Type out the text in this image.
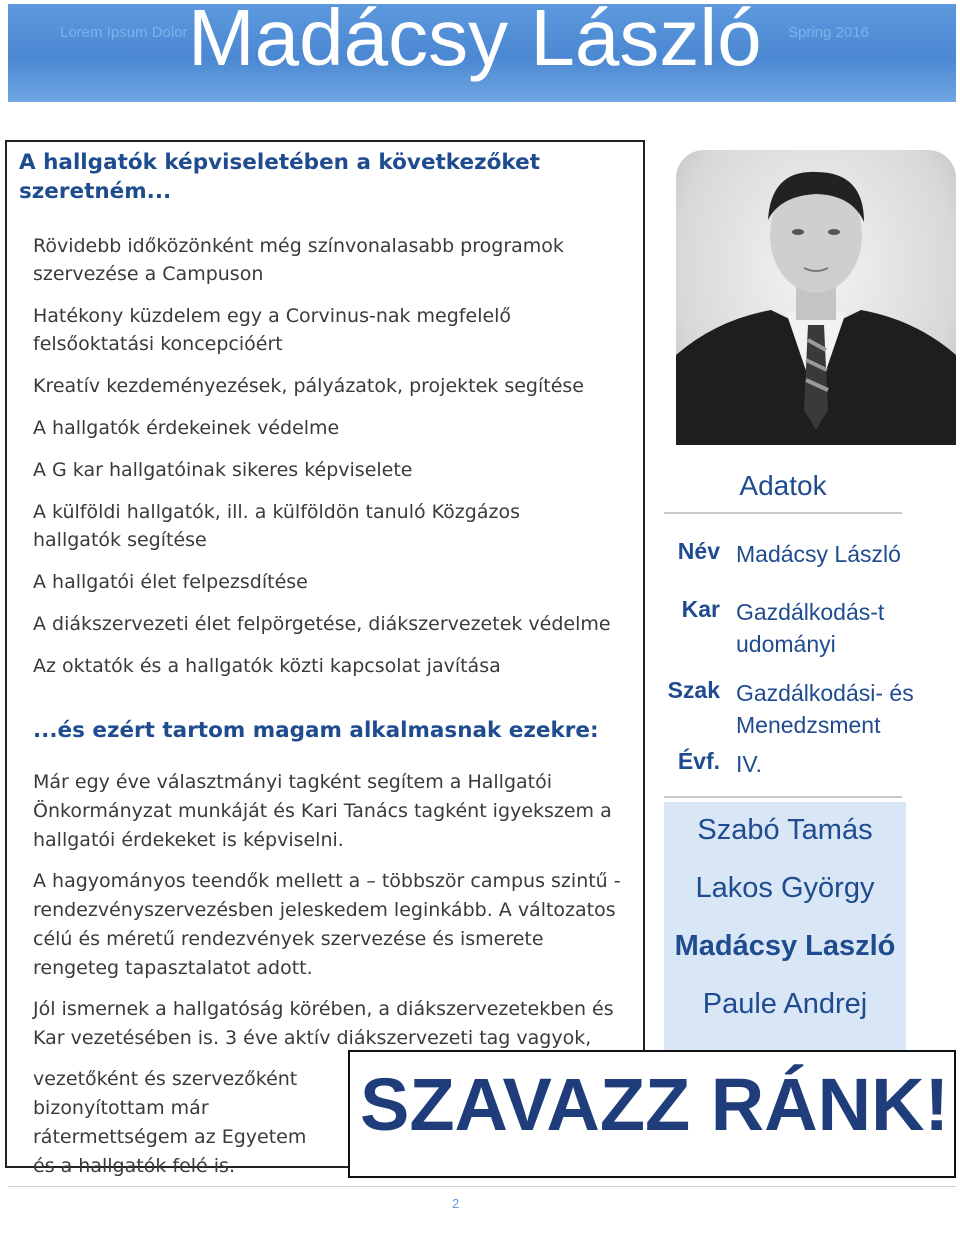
Lorem Ipsum Dolor Madácsy László Spring 2016
A hallgatók képviseletében a következőket szeretném...
Rövidebb időközönként még színvonalasabb programok szervezése a Campuson
Hatékony küzdelem egy a Corvinus-nak megfelelő felsőoktatási koncepcióért
Kreatív kezdeményezések, pályázatok, projektek segítése
A hallgatók érdekeinek védelme
A G kar hallgatóinak sikeres képviselete
A külföldi hallgatók, ill. a külföldön tanuló Közgázos hallgatók segítése
A hallgatói élet felpezsdítése
A diákszervezeti élet felpörgetése, diákszervezetek védelme
Az oktatók és a hallgatók közti kapcsolat javítása
...és ezért tartom magam alkalmasnak ezekre:

Már egy éve választmányi tagként segítem a Hallgatói Önkormányzat munkáját és Kari Tanács tagként igyekszem a hallgatói érdekeket is képviselni.

A hagyományos teendők mellett a – többször campus szintű - rendezvényszervezésben jeleskedem leginkább. A változatos célú és méretű rendezvények szervezése és ismerete rengeteg tapasztalatot adott.

Jól ismernek a hallgatóság körében, a diákszervezetekben és Kar vezetésében is. 3 éve aktív diákszervezeti tag vagyok,

vezetőként és szervezőként bizonyítottam már rátermettségem az Egyetem és a hallgatók felé is.

Adatok
Név Madácsy László
Kar Gazdálkodás-tudományi
Szak Gazdálkodási- és Menedzsment
Évf. IV.
Szabó Tamás
Lakos György
Madácsy Laszló
Paule Andrej
SZAVAZZ RÁNK!
2
